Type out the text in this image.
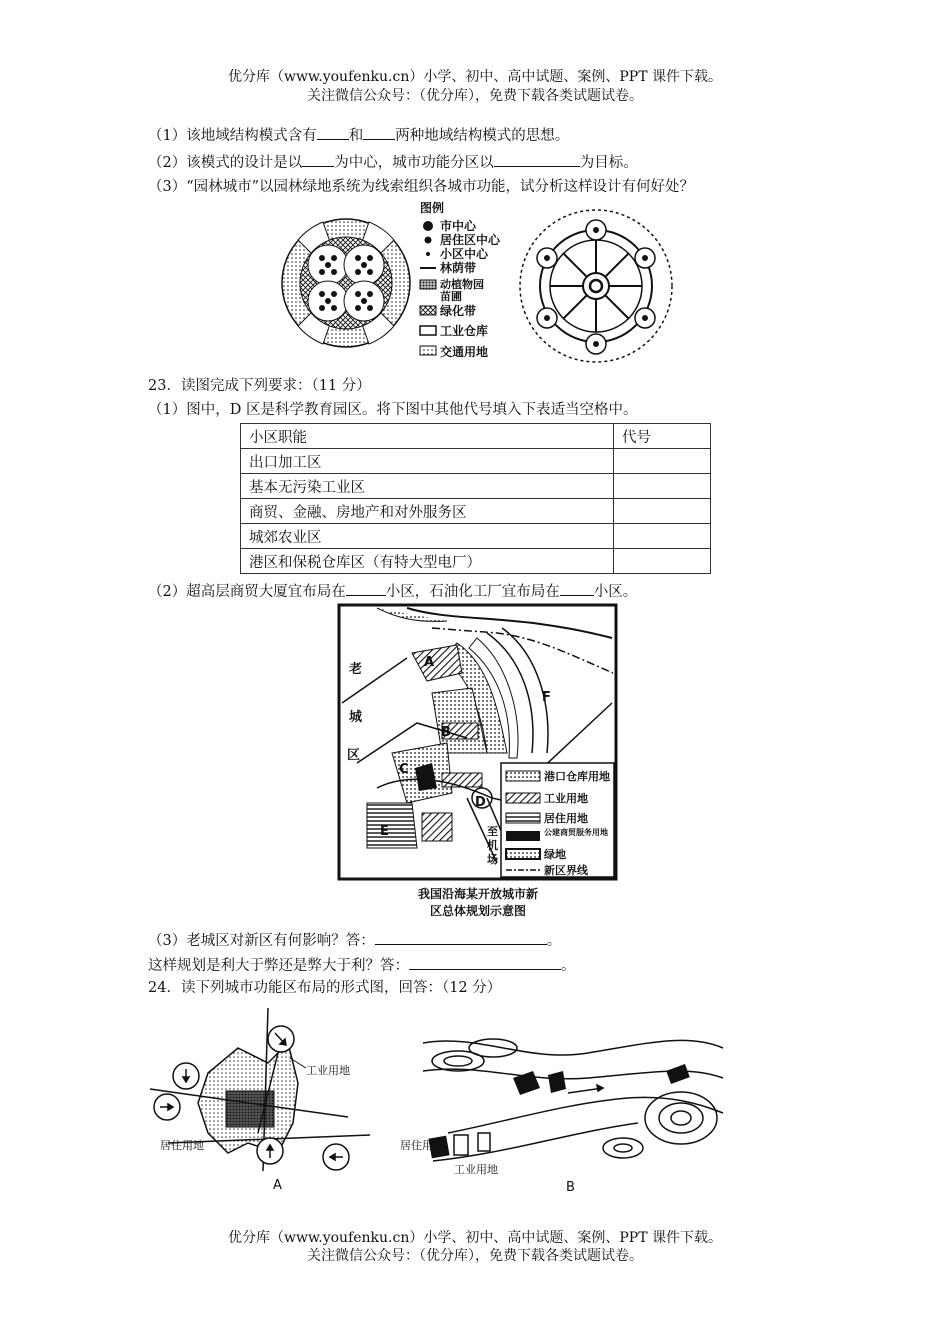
优分库（www.youfenku.cn）小学、初中、高中试题、案例、PPT 课件下载。
关注微信公众号：（优分库），免费下载各类试题试卷。
（1）该地域结构模式含有 和 两种地域结构模式的思想。
（2）该模式的设计是以 为中心，城市功能分区以	为目标。
（3）“园林城市”以园林绿地系统为线索组织各城市功能，试分析这样设计有何好处？
图例
市中心
居住区中心
小区中心
林荫带
动植物园
苗圃
绿化带
工业仓库
交通用地
23．读图完成下列要求：（11 分）
（1）图中，D 区是科学教育园区。将下图中其他代号填入下表适当空格中。
小区职能	代号
出口加工区	
基本无污染工业区	
商贸、金融、房地产和对外服务区	
城郊农业区	
港区和保税仓库区（有特大型电厂）	
（2）超高层商贸大厦宜布局在	小区，石油化工厂宜布局在 小区。
A
B
C
D
E
F
老
城
区
至
机
场
港口仓库用地
工业用地
居住用地
公建商贸服务用地
绿地
新区界线
我国沿海某开放城市新
区总体规划示意图
（3）老城区对新区有何影响？答：	。
这样规划是利大于弊还是弊大于利？答：	。
24．读下列城市功能区布局的形式图，回答：（12 分）
工业用地
居住用地
A
居住用地
工业用地
B
优分库（www.youfenku.cn）小学、初中、高中试题、案例、PPT 课件下载。
关注微信公众号：（优分库），免费下载各类试题试卷。
